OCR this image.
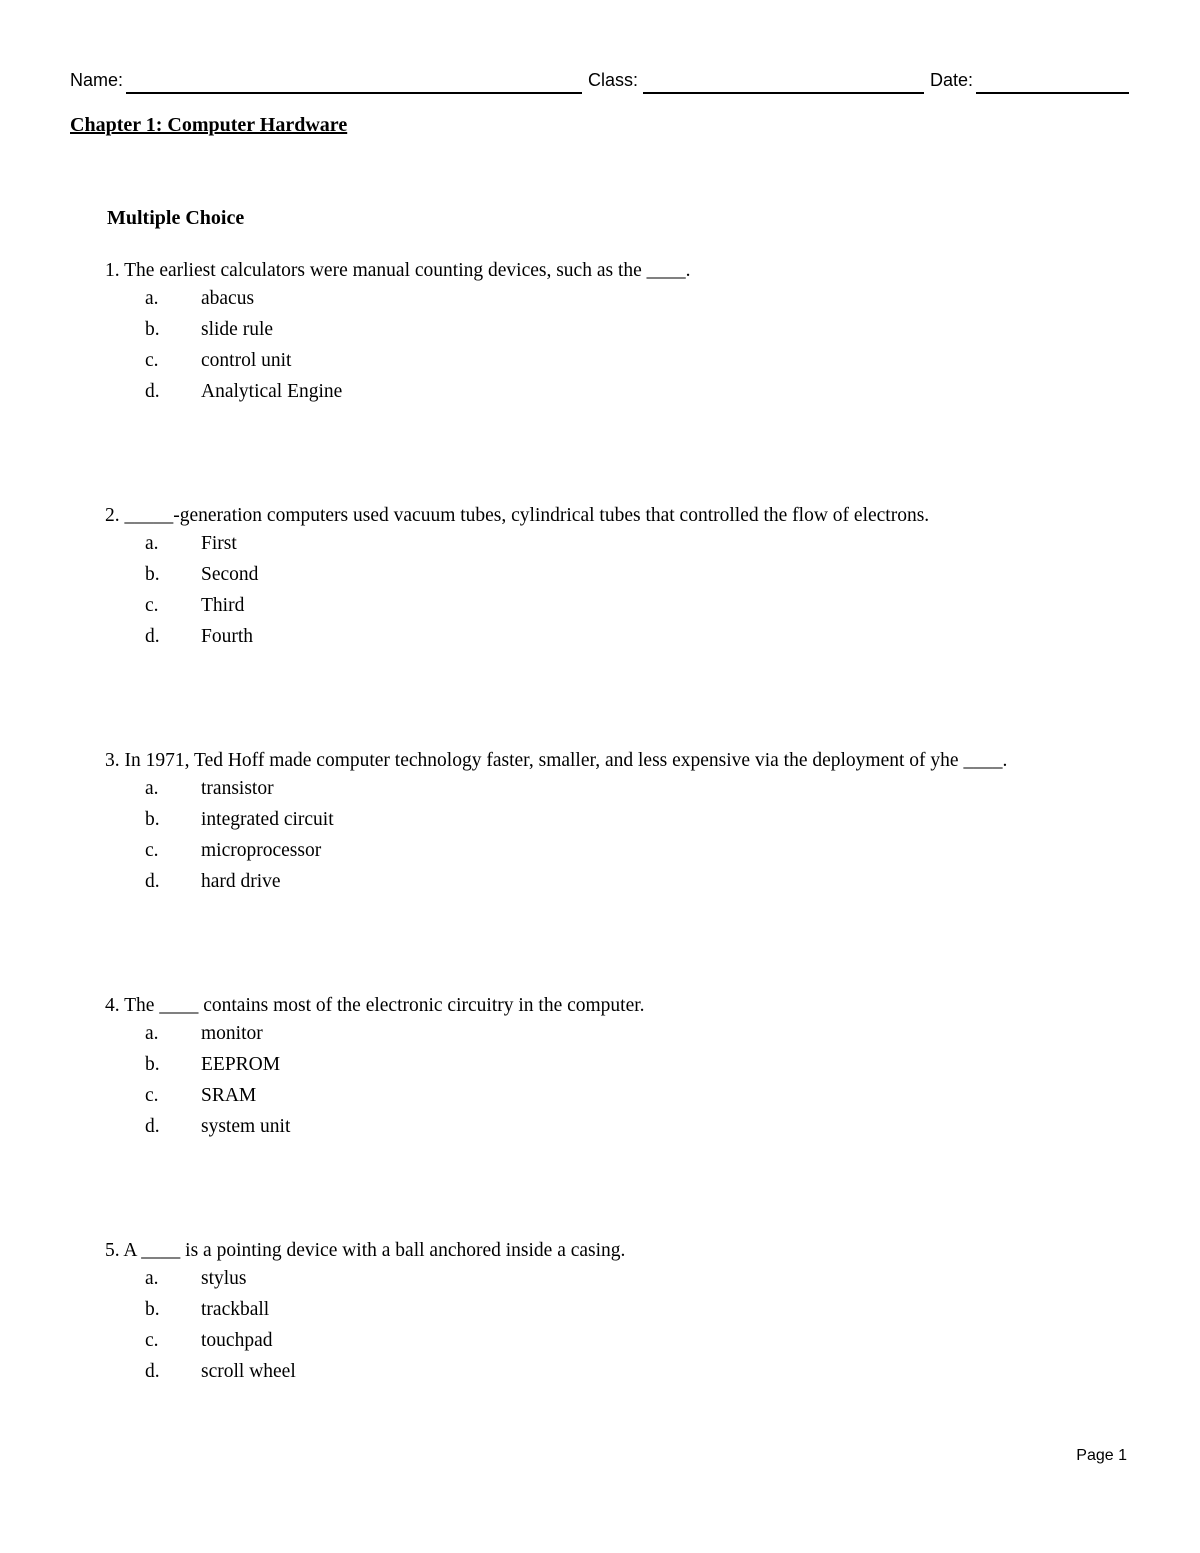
Name:	Class:	Date:
Chapter 1: Computer Hardware
Multiple Choice
1. The earliest calculators were manual counting devices, such as the ____.
a. abacus
b. slide rule
c. control unit
d. Analytical Engine
2. _____-generation computers used vacuum tubes, cylindrical tubes that controlled the flow of electrons.
a. First
b. Second
c. Third
d. Fourth
3. In 1971, Ted Hoff made computer technology faster, smaller, and less expensive via the deployment of yhe ____.
a. transistor
b. integrated circuit
c. microprocessor
d. hard drive
4. The ____ contains most of the electronic circuitry in the computer.
a. monitor
b. EEPROM
c. SRAM
d. system unit
5. A ____ is a pointing device with a ball anchored inside a casing.
a. stylus
b. trackball
c. touchpad
d. scroll wheel
Page 1
